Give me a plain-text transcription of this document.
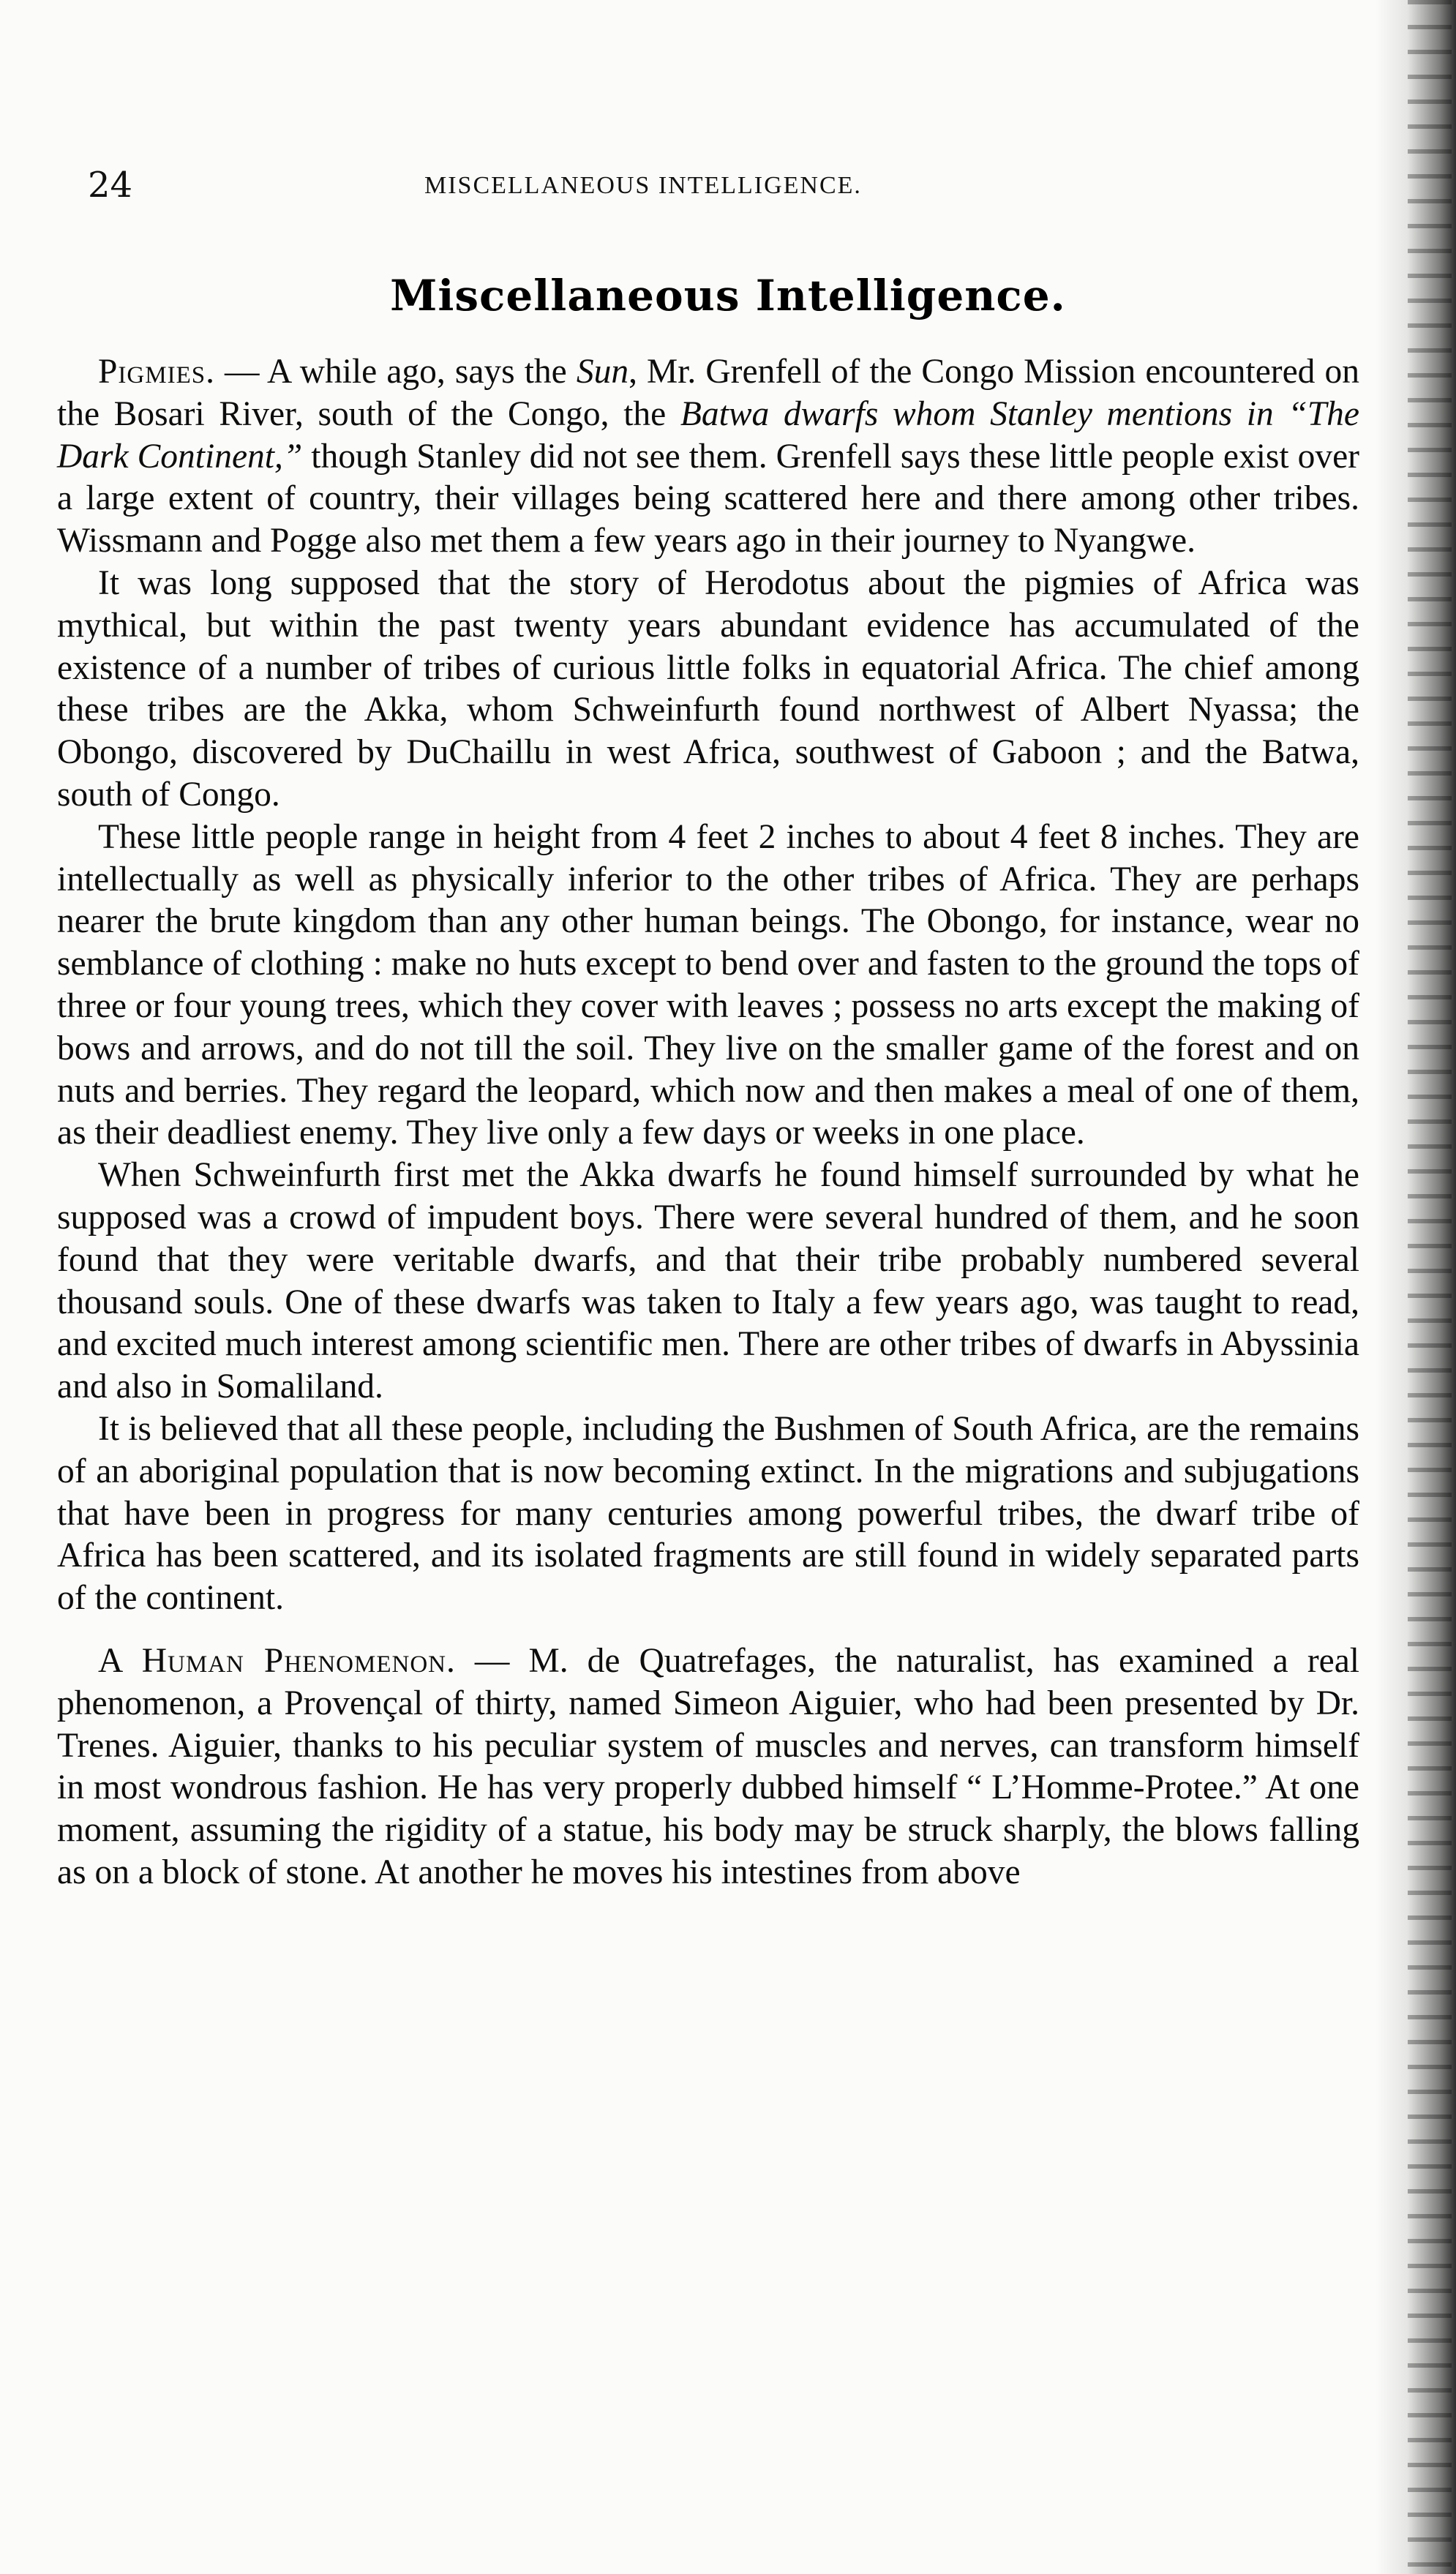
24	MISCELLANEOUS INTELLIGENCE.
Miscellaneous Intelligence.

Pigmies. — A while ago, says the Sun, Mr. Grenfell of the Congo Mission encountered on the Bosari River, south of the Congo, the Batwa dwarfs whom Stanley mentions in “The Dark Continent,” though Stanley did not see them. Grenfell says these little people exist over a large extent of country, their villages being scattered here and there among other tribes. Wissmann and Pogge also met them a few years ago in their journey to Nyangwe.

It was long supposed that the story of Herodotus about the pigmies of Africa was mythical, but within the past twenty years abundant evidence has accumulated of the existence of a number of tribes of curious little folks in equatorial Africa. The chief among these tribes are the Akka, whom Schweinfurth found northwest of Albert Nyassa; the Obongo, discovered by DuChaillu in west Africa, southwest of Gaboon ; and the Batwa, south of Congo.

These little people range in height from 4 feet 2 inches to about 4 feet 8 inches. They are intellectually as well as physically inferior to the other tribes of Africa. They are perhaps nearer the brute kingdom than any other human beings. The Obongo, for instance, wear no semblance of clothing : make no huts except to bend over and fasten to the ground the tops of three or four young trees, which they cover with leaves ; possess no arts except the making of bows and arrows, and do not till the soil. They live on the smaller game of the forest and on nuts and berries. They regard the leopard, which now and then makes a meal of one of them, as their deadliest enemy. They live only a few days or weeks in one place.

When Schweinfurth first met the Akka dwarfs he found himself surrounded by what he supposed was a crowd of impudent boys. There were several hundred of them, and he soon found that they were veritable dwarfs, and that their tribe probably numbered several thousand souls. One of these dwarfs was taken to Italy a few years ago, was taught to read, and excited much interest among scientific men. There are other tribes of dwarfs in Abyssinia and also in Somaliland.

It is believed that all these people, including the Bushmen of South Africa, are the remains of an aboriginal population that is now becoming extinct. In the migrations and subjugations that have been in progress for many centuries among powerful tribes, the dwarf tribe of Africa has been scattered, and its isolated fragments are still found in widely separated parts of the continent.

A Human Phenomenon. — M. de Quatrefages, the naturalist, has examined a real phenomenon, a Provençal of thirty, named Simeon Aiguier, who had been presented by Dr. Trenes. Aiguier, thanks to his peculiar system of muscles and nerves, can transform himself in most wondrous fashion. He has very properly dubbed himself “ L’Homme-Protee.” At one moment, assuming the rigidity of a statue, his body may be struck sharply, the blows falling as on a block of stone. At another he moves his intestines from above
